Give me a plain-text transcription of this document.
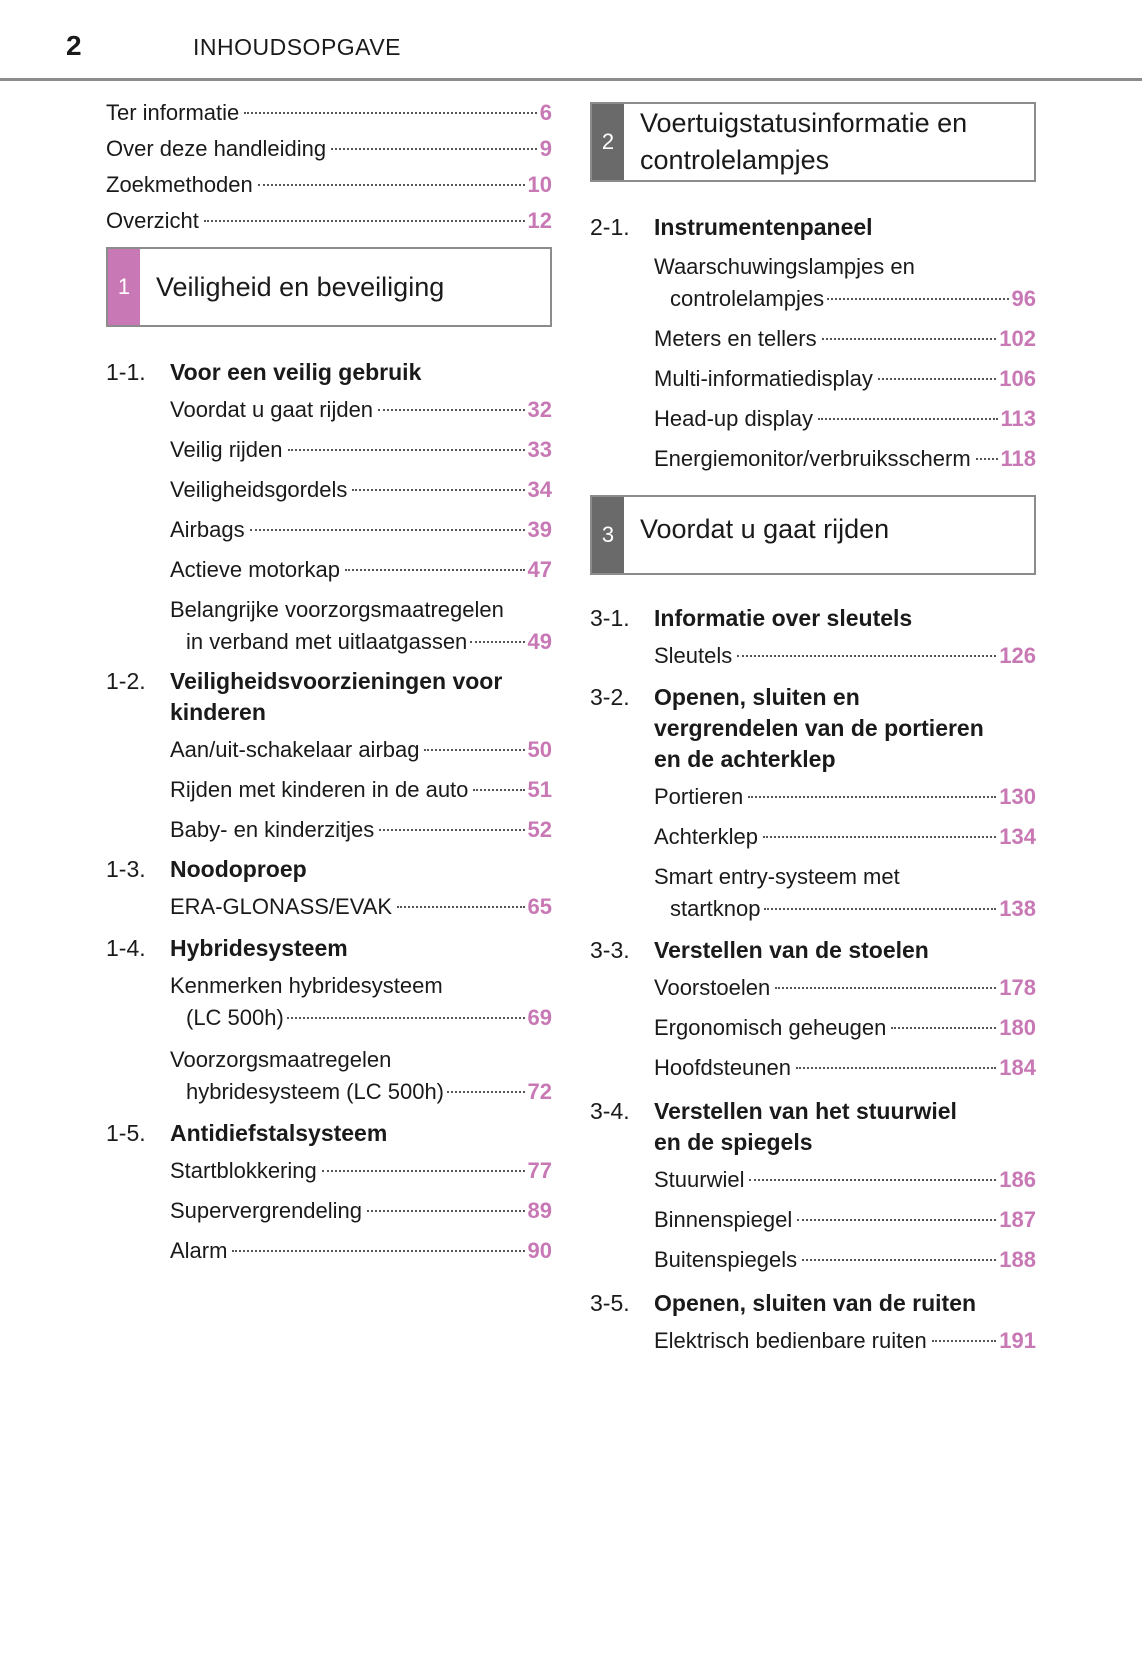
2	INHOUDSOPGAVE
Ter informatie	6
Over deze handleiding	9
Zoekmethoden	10
Overzicht	12
1 Veiligheid en beveiliging
1-1.	Voor een veilig gebruik
Voordat u gaat rijden	32
Veilig rijden	33
Veiligheidsgordels	34
Airbags	39
Actieve motorkap	47
Belangrijke voorzorgsmaatregelen
in verband met uitlaatgassen	49
1-2.	Veiligheidsvoorzieningen voor
kinderen
Aan/uit-schakelaar airbag	50
Rijden met kinderen in de auto	51
Baby- en kinderzitjes	52
1-3.	Noodoproep
ERA-GLONASS/EVAK	65
1-4.	Hybridesysteem
Kenmerken hybridesysteem
(LC 500h)	69
Voorzorgsmaatregelen
hybridesysteem (LC 500h)	72
1-5.	Antidiefstalsysteem
Startblokkering	77
Supervergrendeling	89
Alarm	90
2
Voertuigstatusinformatie en
controlelampjes
2-1.	Instrumentenpaneel
Waarschuwingslampjes en
controlelampjes	96
Meters en tellers	102
Multi-informatiedisplay	106
Head-up display	113
Energiemonitor/verbruiksscherm 118
3 Voordat u gaat rijden
3-1.	Informatie over sleutels
Sleutels	126
3-2.	Openen, sluiten en
vergrendelen van de portieren
en de achterklep
Portieren	130
Achterklep	134
Smart entry-systeem met
startknop	138
3-3.	Verstellen van de stoelen
Voorstoelen	178
Ergonomisch geheugen	180
Hoofdsteunen	184
3-4.	Verstellen van het stuurwiel
en de spiegels
Stuurwiel	186
Binnenspiegel	187
Buitenspiegels	188
3-5.	Openen, sluiten van de ruiten
Elektrisch bedienbare ruiten	191
